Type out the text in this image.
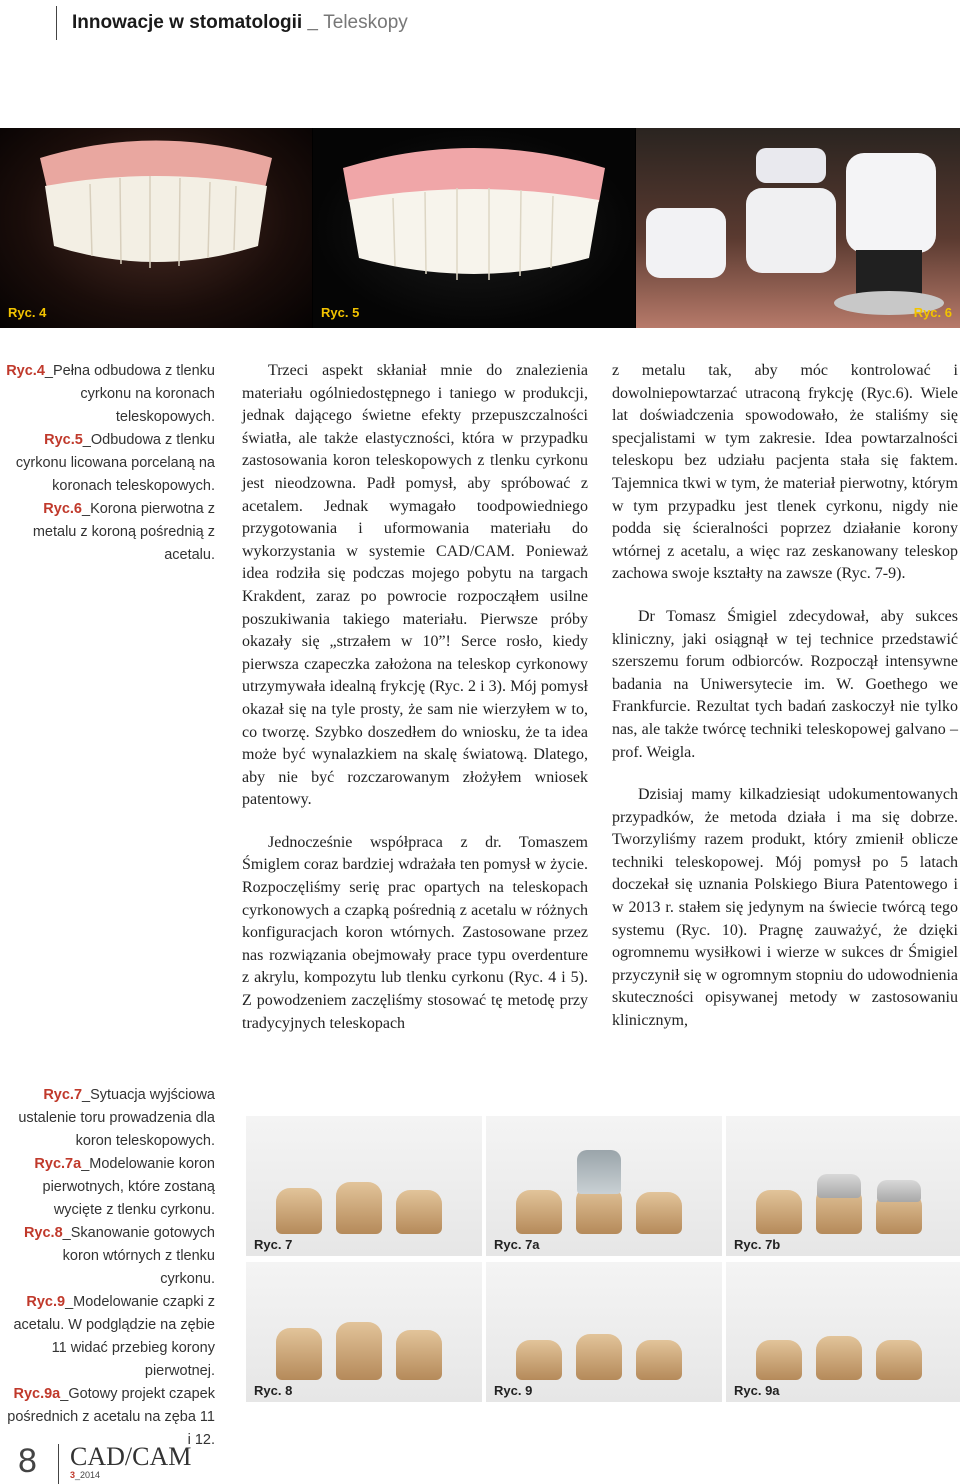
Innowacje w stomatologii _ Teleskopy
Ryc. 4	Ryc. 5	Ryc. 6

Ryc.4_Pełna odbudowa z tlenku cyrkonu na koronach teleskopowych.

Ryc.5_Odbudowa z tlenku cyrkonu licowana porcelaną na koronach teleskopowych.

Ryc.6_Korona pierwotna z metalu z koroną pośrednią z acetalu.

Ryc.7_Sytuacja wyjściowa ustalenie toru prowadzenia dla koron teleskopowych.

Ryc.7a_Modelowanie koron pierwotnych, które zostaną wycięte z tlenku cyrkonu.

Ryc.8_Skanowanie gotowych koron wtórnych z tlenku cyrkonu.

Ryc.9_Modelowanie czapki z acetalu. W podglądzie na zębie 11 widać przebieg korony pierwotnej.

Ryc.9a_Gotowy projekt czapek pośrednich z acetalu na zęba 11 i 12.

Trzeci aspekt skłaniał mnie do znalezienia materiału ogólniedostępnego i taniego w produkcji, jednak dającego świetne efekty przepuszczalności światła, ale także elastyczności, która w przypadku zastosowania koron teleskopowych z tlenku cyrkonu jest nieodzowna. Padł pomysł, aby spróbować z acetalem. Jednak wymagało toodpowiedniego przygotowania i uformowania materiału do wykorzystania w systemie CAD/CAM. Ponieważ idea rodziła się podczas mojego pobytu na targach Krakdent, zaraz po powrocie rozpocząłem usilne poszukiwania takiego materiału. Pierwsze próby okazały się „strzałem w 10”! Serce rosło, kiedy pierwsza czapeczka założona na teleskop cyrkonowy utrzymywała idealną frykcję (Ryc. 2 i 3). Mój pomysł okazał się na tyle prosty, że sam nie wierzyłem w to, co tworzę. Szybko doszedłem do wniosku, że ta idea może być wynalazkiem na skalę światową. Dlatego, aby nie być rozczarowanym złożyłem wniosek patentowy.

Jednocześnie współpraca z dr. Tomaszem Śmiglem coraz bardziej wdrażała ten pomysł w życie. Rozpoczęliśmy serię prac opartych na teleskopach cyrkonowych a czapką pośrednią z acetalu w różnych konfiguracjach koron wtórnych. Zastosowane przez nas rozwiązania obejmowały prace typu overdenture z akrylu, kompozytu lub tlenku cyrkonu (Ryc. 4 i 5). Z powodzeniem zaczęliśmy stosować tę metodę przy tradycyjnych teleskopach

z metalu tak, aby móc kontrolować i dowolniepowtarzać utraconą frykcję (Ryc.6). Wiele lat doświadczenia spowodowało, że staliśmy się specjalistami w tym zakresie. Idea powtarzalności teleskopu bez udziału pacjenta stała się faktem. Tajemnica tkwi w tym, że materiał pierwotny, którym w tym przypadku jest tlenek cyrkonu, nigdy nie podda się ścieralności poprzez działanie korony wtórnej z acetalu, a więc raz zeskanowany teleskop zachowa swoje kształty na zawsze (Ryc. 7-9).

Dr Tomasz Śmigiel zdecydował, aby sukces kliniczny, jaki osiągnął w tej technice przedstawić szerszemu forum odbiorców. Rozpoczął intensywne badania na Uniwersytecie im. W. Goethego we Frankfurcie. Rezultat tych badań zaskoczył nie tylko nas, ale także twórcę techniki teleskopowej galvano – prof. Weigla.

Dzisiaj mamy kilkadziesiąt udokumentowanych przypadków, że metoda działa i ma się dobrze. Tworzyliśmy razem produkt, który zmienił oblicze techniki teleskopowej. Mój pomysł po 5 latach doczekał się uznania Polskiego Biura Patentowego i w 2013 r. stałem się jedynym na świecie twórcą tego systemu (Ryc. 10). Pragnę zauważyć, że dzięki ogromnemu wysiłkowi i wierze w sukces dr Śmigiel przyczynił się w ogromnym stopniu do udowodnienia skuteczności opisywanej metody w zastosowaniu klinicznym,

Ryc. 7	Ryc. 7a	Ryc. 7b
Ryc. 8	Ryc. 9	Ryc. 9a
8 CAD/CAM
3_2014
